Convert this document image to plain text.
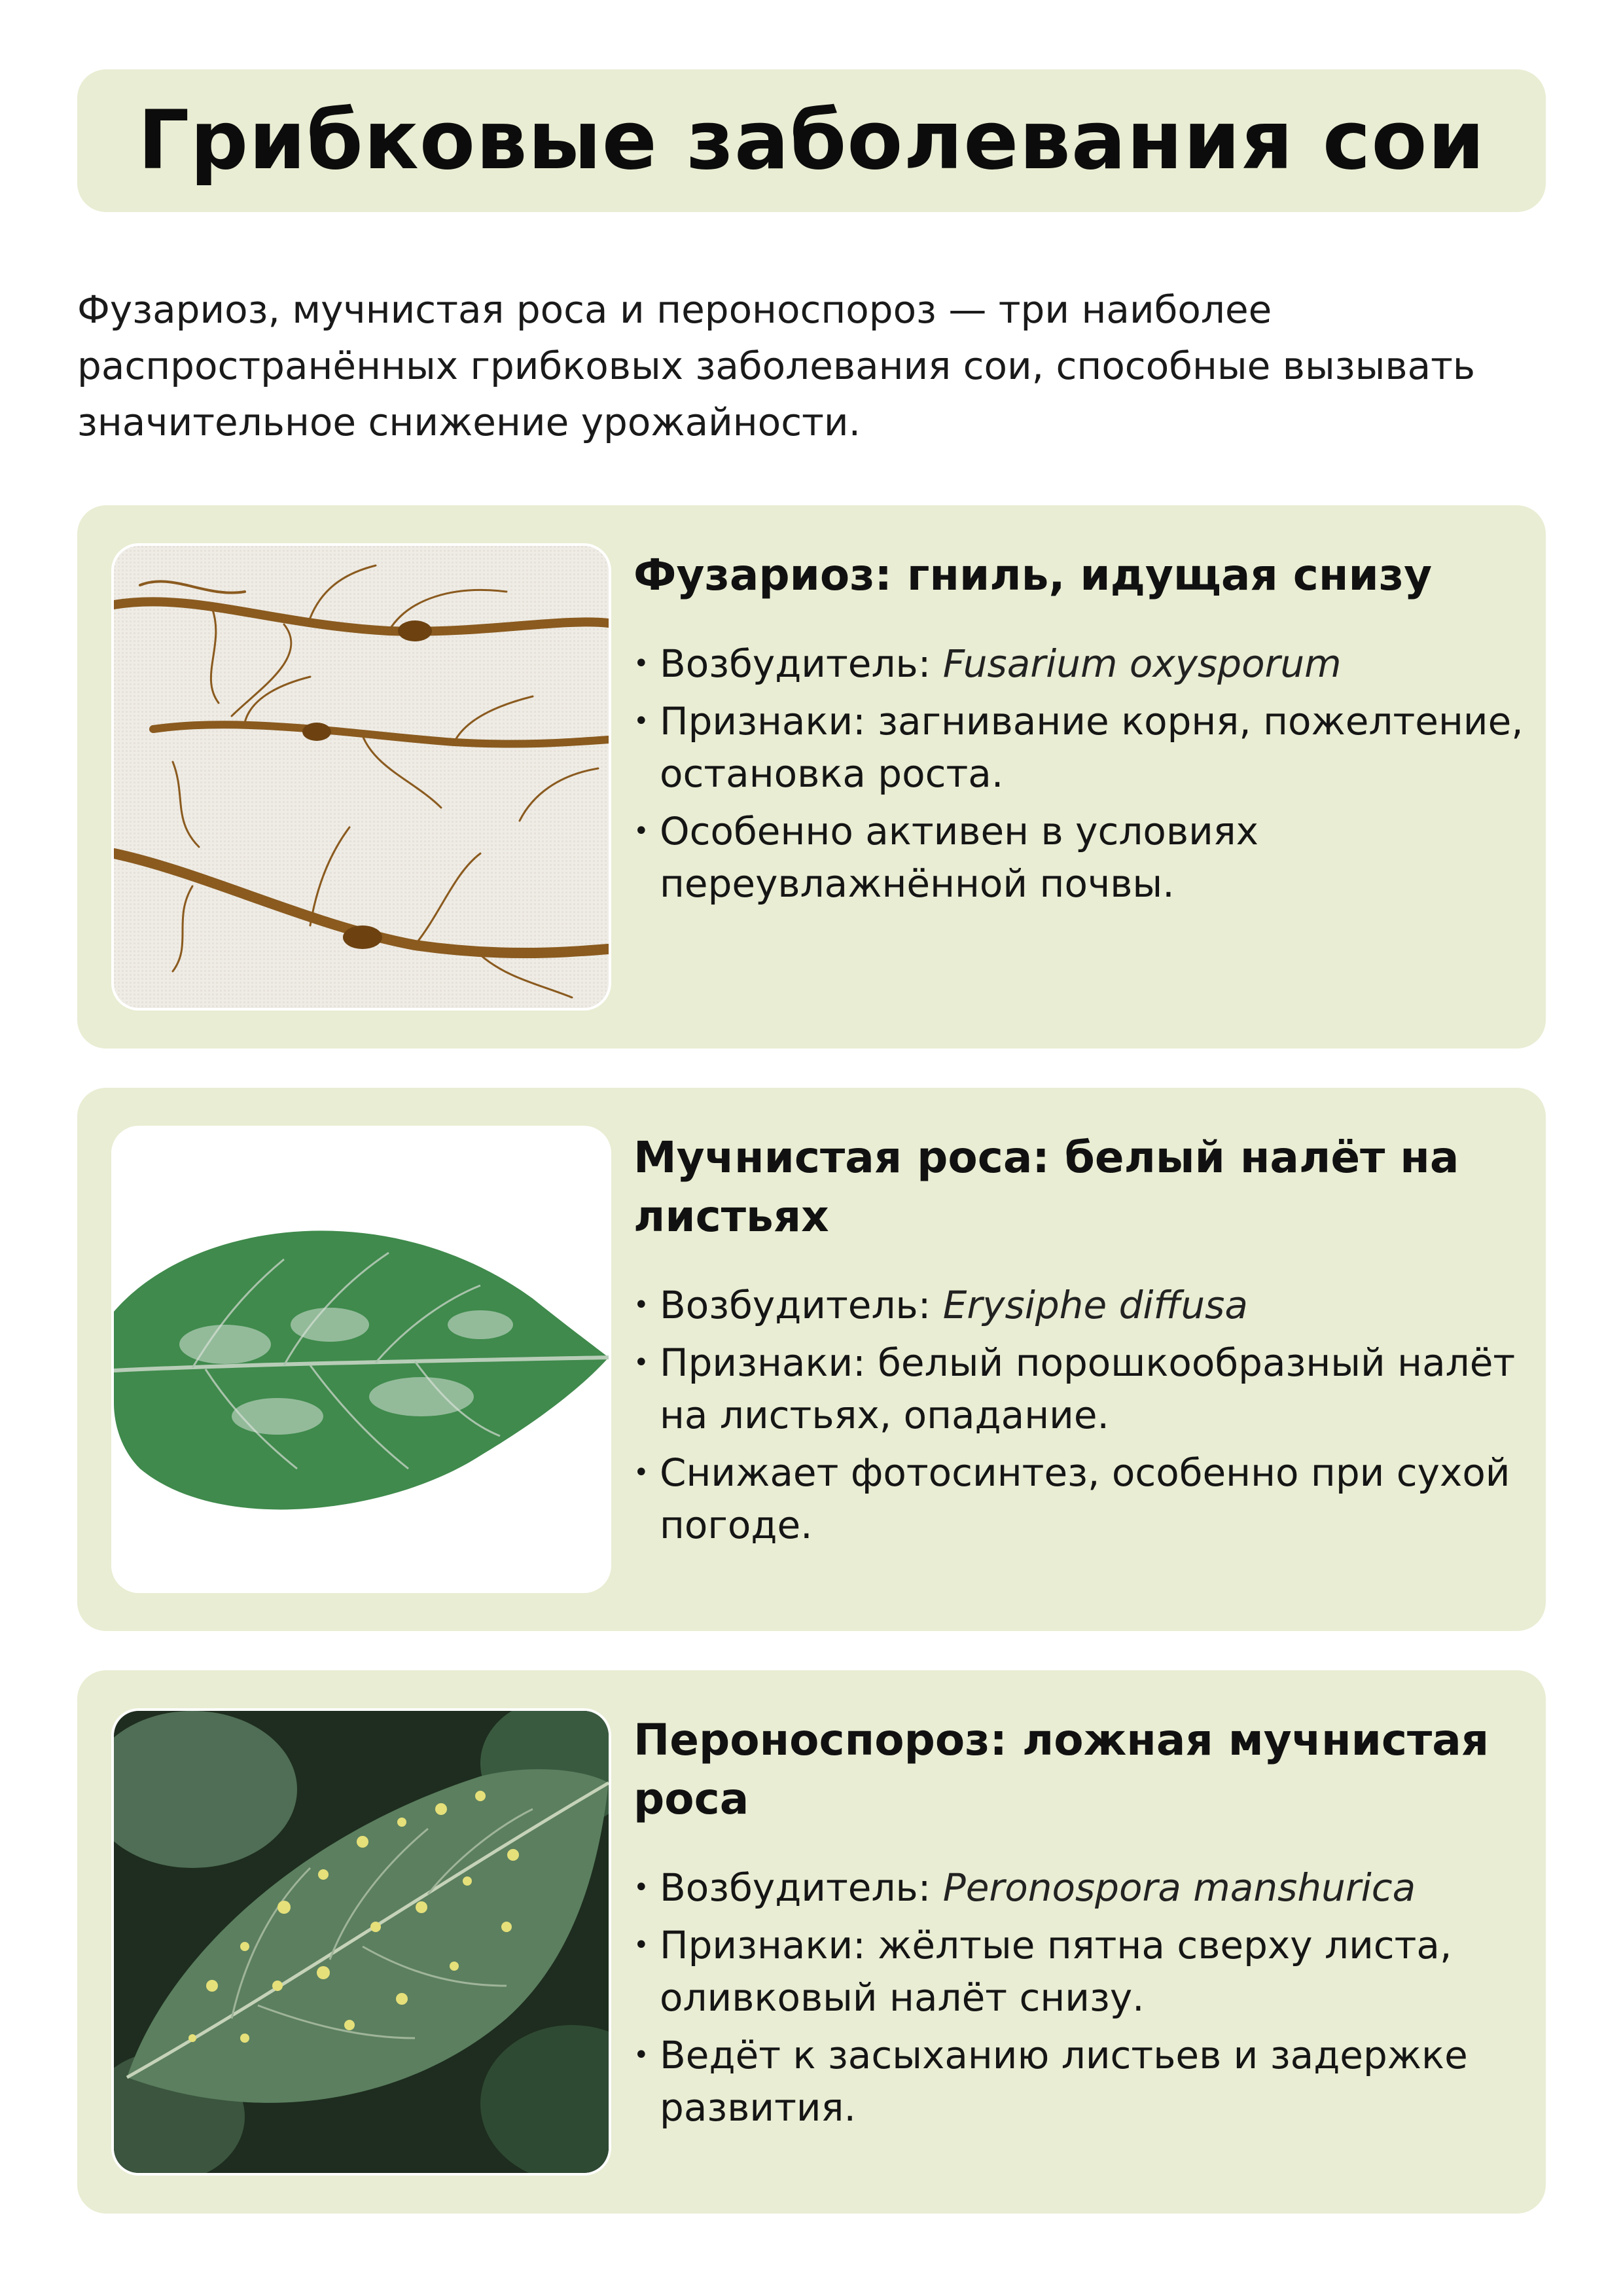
Грибковые заболевания сои

Фузариоз, мучнистая роса и пероноспороз — три наиболее распространённых грибковых заболевания сои, способные вызывать значительное снижение урожайности.

Фузариоз: гниль, идущая снизу
• Возбудитель: Fusarium oxysporum
• Признаки: загнивание корня, пожелтение, остановка роста.
• Особенно активен в условиях переувлажнённой почвы.
Мучнистая роса: белый налёт на листьях
• Возбудитель: Erysiphe diffusa
• Признаки: белый порошкообразный налёт на листьях, опадание.
• Снижает фотосинтез, особенно при сухой погоде.
Пероноспороз: ложная мучнистая роса
• Возбудитель: Peronospora manshurica
• Признаки: жёлтые пятна сверху листа, оливковый налёт снизу.
• Ведёт к засыханию листьев и задержке развития.
